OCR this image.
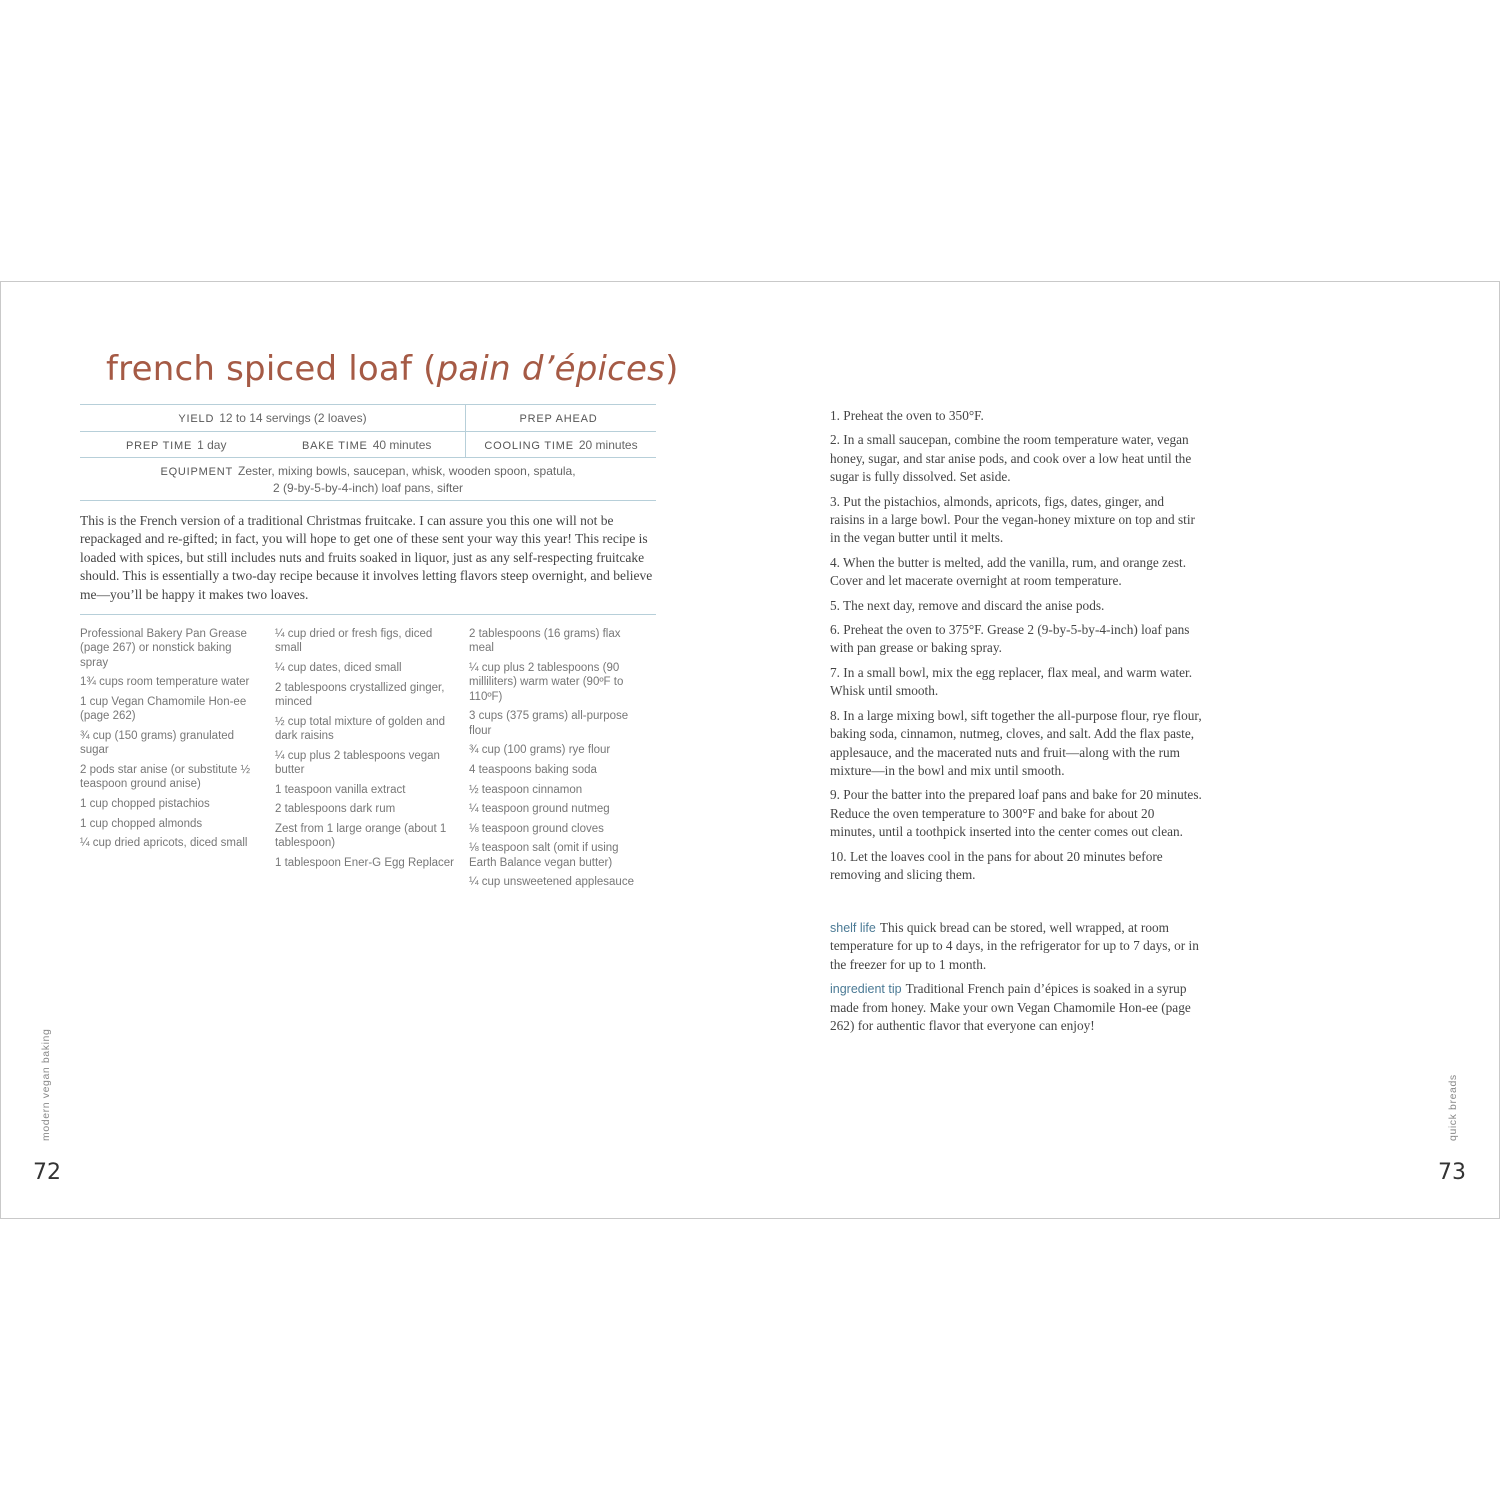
french spiced loaf (pain d’épices)
YIELD 12 to 14 servings (2 loaves)	PREP AHEAD
PREP TIME 1 day	BAKE TIME 40 minutes	COOLING TIME 20 minutes
EQUIPMENT Zester, mixing bowls, saucepan, whisk, wooden spoon, spatula,
2 (9-by-5-by-4-inch) loaf pans, sifter
This is the French version of a traditional Christmas fruitcake. I can assure you this one will not be repackaged and re-gifted; in fact, you will hope to get one of these sent your way this year! This recipe is loaded with spices, but still includes nuts and fruits soaked in liquor, just as any self-respecting fruitcake should. This is essentially a two-day recipe because it involves letting flavors steep overnight, and believe me—you’ll be happy it makes two loaves.
Professional Bakery Pan Grease (page 267) or nonstick baking spray
1¾ cups room temperature water
1 cup Vegan Chamomile Hon-ee (page 262)
¾ cup (150 grams) granulated sugar
2 pods star anise (or substitute ½ teaspoon ground anise)
1 cup chopped pistachios
1 cup chopped almonds
¼ cup dried apricots, diced small
¼ cup dried or fresh figs, diced small
¼ cup dates, diced small
2 tablespoons crystallized ginger, minced
½ cup total mixture of golden and dark raisins
¼ cup plus 2 tablespoons vegan butter
1 teaspoon vanilla extract
2 tablespoons dark rum
Zest from 1 large orange (about 1 tablespoon)
1 tablespoon Ener-G Egg Replacer
2 tablespoons (16 grams) flax meal
¼ cup plus 2 tablespoons (90 milliliters) warm water (90ºF to 110ºF)
3 cups (375 grams) all-purpose flour
¾ cup (100 grams) rye flour
4 teaspoons baking soda
½ teaspoon cinnamon
¼ teaspoon ground nutmeg
⅛ teaspoon ground cloves
⅛ teaspoon salt (omit if using Earth Balance vegan butter)
¼ cup unsweetened applesauce
1. Preheat the oven to 350°F.
2. In a small saucepan, combine the room temperature water, vegan honey, sugar, and star anise pods, and cook over a low heat until the sugar is fully dissolved. Set aside.
3. Put the pistachios, almonds, apricots, figs, dates, ginger, and raisins in a large bowl. Pour the vegan-honey mixture on top and stir in the vegan butter until it melts.
4. When the butter is melted, add the vanilla, rum, and orange zest. Cover and let macerate overnight at room temperature.
5. The next day, remove and discard the anise pods.
6. Preheat the oven to 375°F. Grease 2 (9-by-5-by-4-inch) loaf pans with pan grease or baking spray.
7. In a small bowl, mix the egg replacer, flax meal, and warm water. Whisk until smooth.
8. In a large mixing bowl, sift together the all-purpose flour, rye flour, baking soda, cinnamon, nutmeg, cloves, and salt. Add the flax paste, applesauce, and the macerated nuts and fruit—along with the rum mixture—in the bowl and mix until smooth.
9. Pour the batter into the prepared loaf pans and bake for 20 minutes. Reduce the oven temperature to 300°F and bake for about 20 minutes, until a toothpick inserted into the center comes out clean.
10. Let the loaves cool in the pans for about 20 minutes before removing and slicing them.
shelf life This quick bread can be stored, well wrapped, at room temperature for up to 4 days, in the refrigerator for up to 7 days, or in the freezer for up to 1 month.
ingredient tip Traditional French pain d’épices is soaked in a syrup made from honey. Make your own Vegan Chamomile Hon-ee (page 262) for authentic flavor that everyone can enjoy!
modern vegan baking	quick breads
72	73
